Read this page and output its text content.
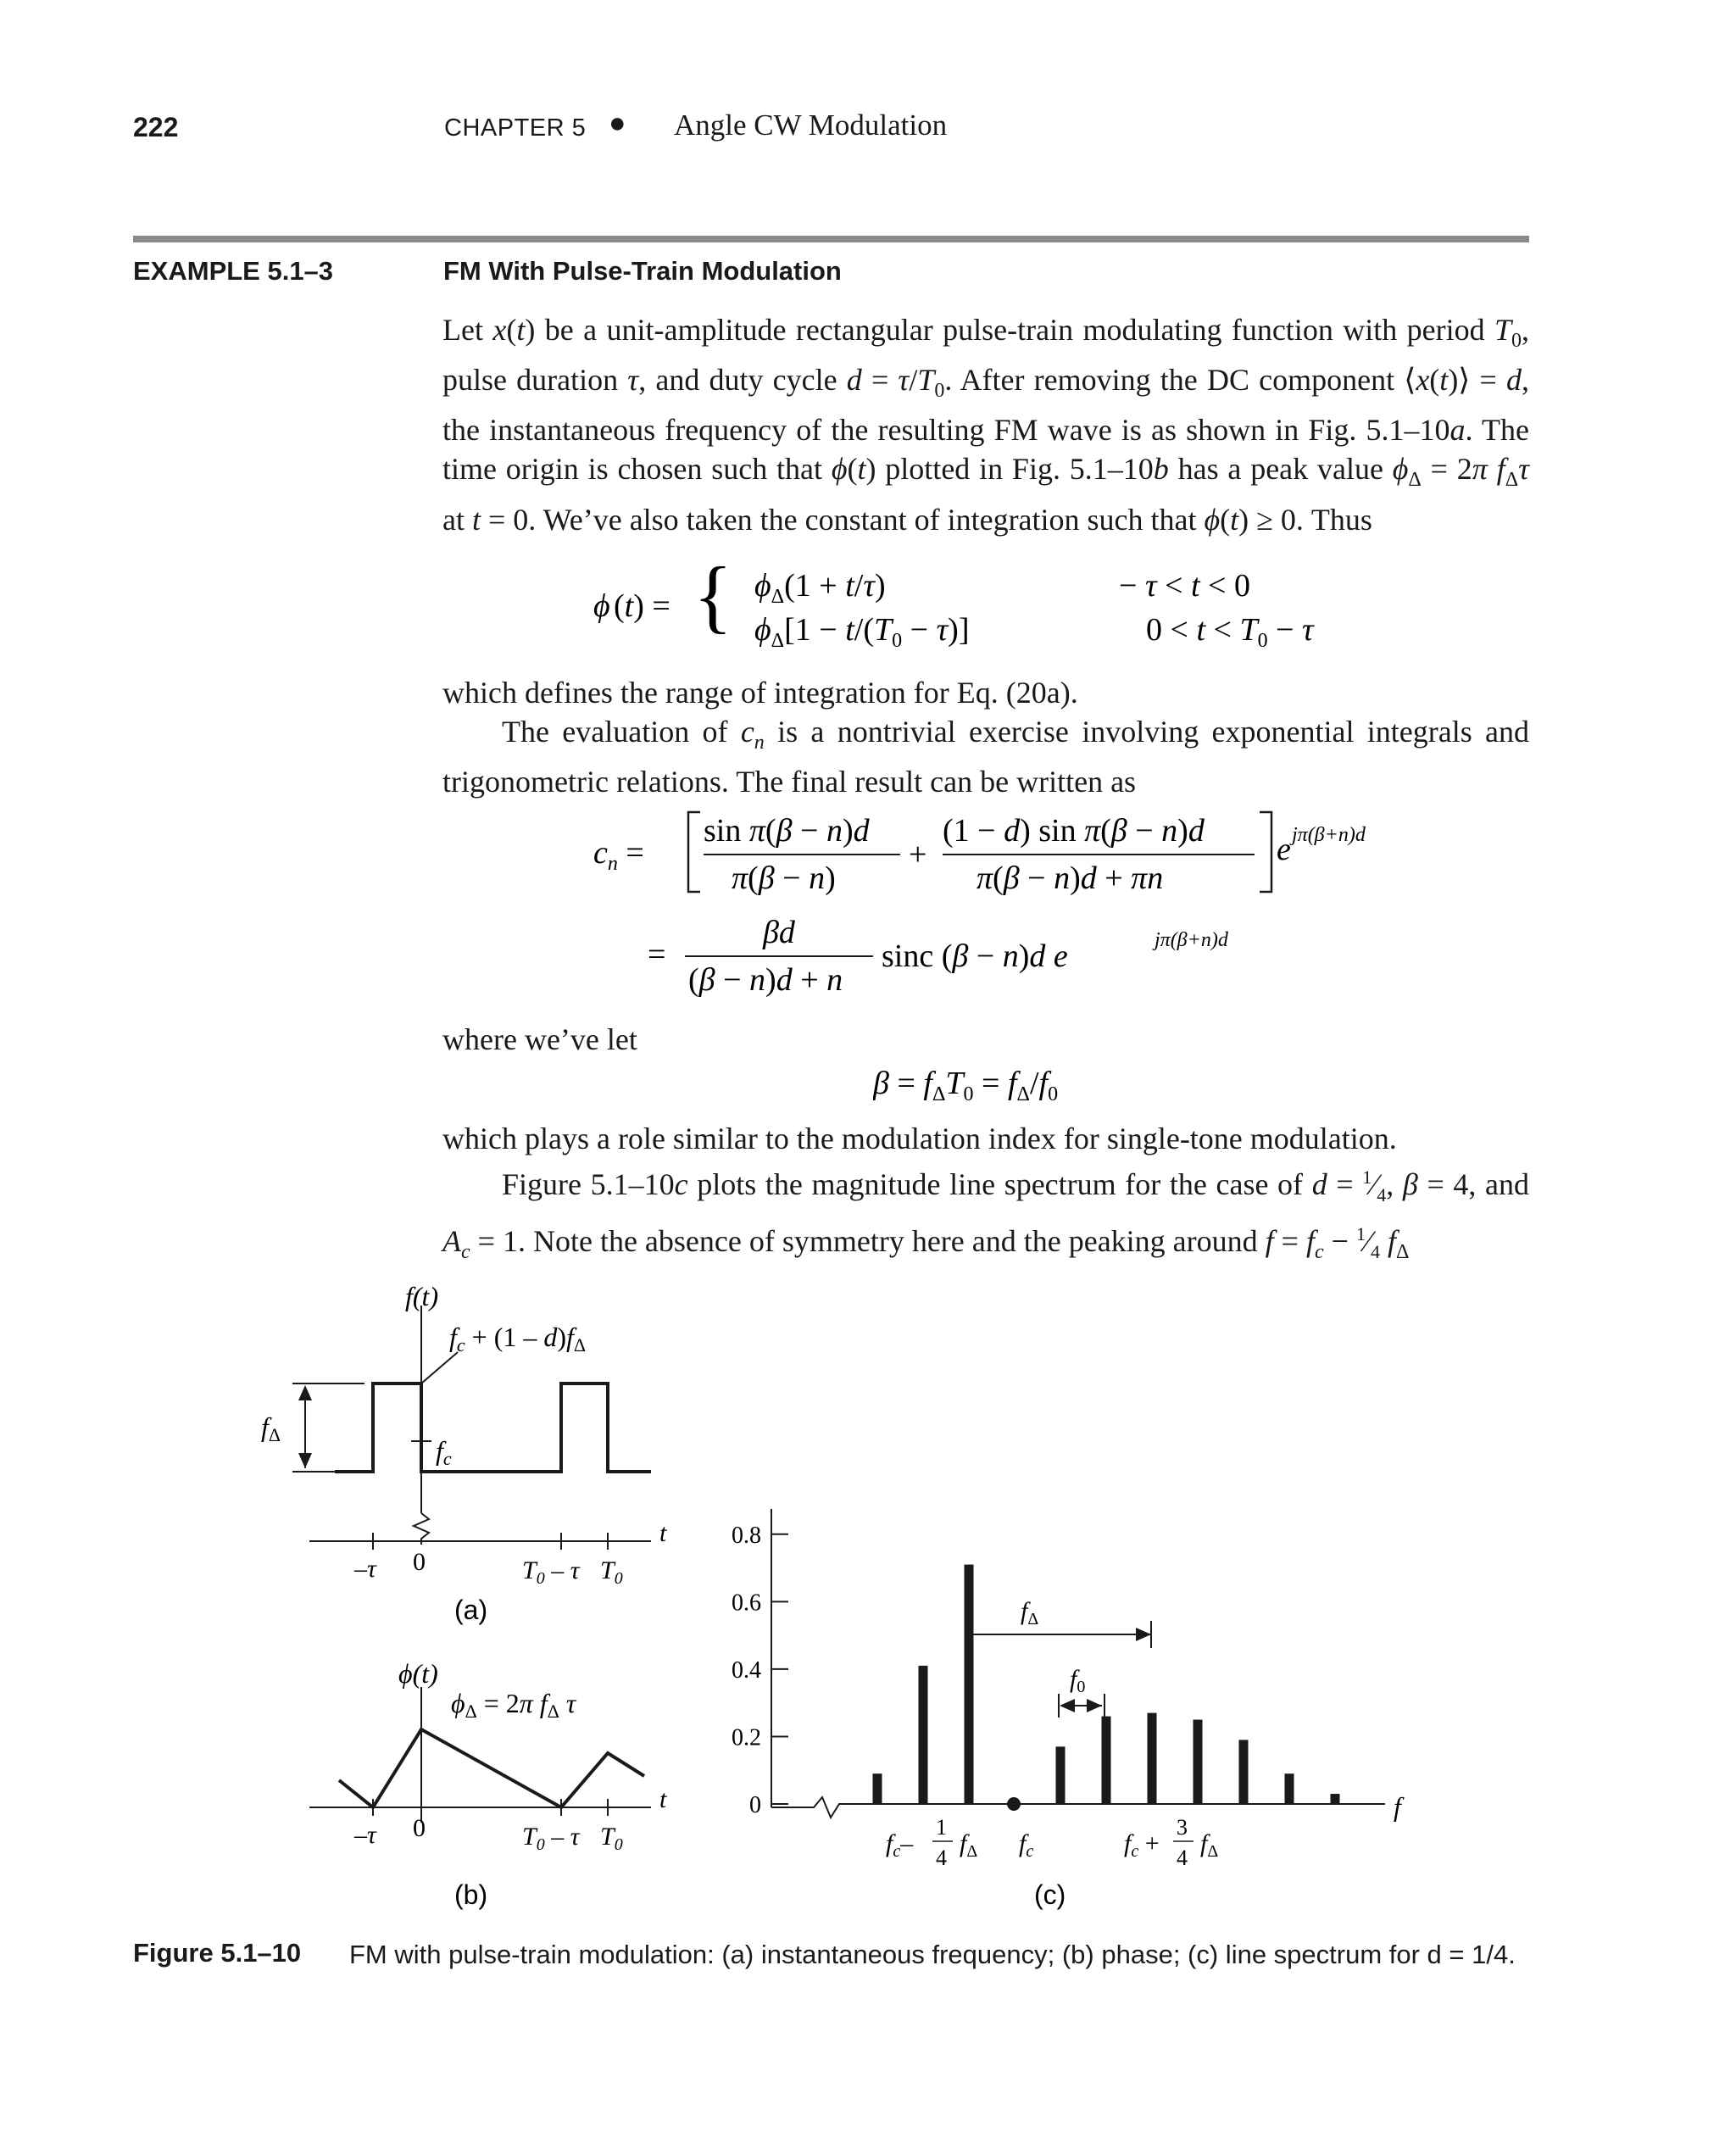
222	CHAPTER 5 ● Angle CW Modulation
EXAMPLE 5.1–3	FM With Pulse-Train Modulation
Let x(t) be a unit-amplitude rectangular pulse-train modulating function with period $T_0$, pulse duration τ, and duty cycle $d = \tau/T_0$. After removing the DC component ⟨x(t)⟩ = d, the instantaneous frequency of the resulting FM wave is as shown in Fig. 5.1–10a. The time origin is chosen such that ϕ(t) plotted in Fig. 5.1–10b has a peak value $\phi_\Delta = 2\pi$ $f_\Delta\tau$ at t = 0. We’ve also taken the constant of integration such that ϕ(t) ≥ 0. Thus
ϕ (t) = { $\phi_\Delta(1 + t/\tau)$
$\phi_\Delta[1 - t/(T_0 - \tau)]$
− τ < t < 0
$0 < t < T_0 - \tau$
which defines the range of integration for Eq. (20a).
The evaluation of $c_n$ is a nontrivial exercise involving exponential integrals and trigonometric relations. The final result can be written as
$c_n$ =
sin π(β − n)d
π(β − n)
+
(1 − d) sin π(β − n)d
π(β − n)d + πn
e jπ(β+n)d
=
βd
(β − n)d + n
sinc (β − n)d e	jπ(β+n)d
where we’ve let
$\beta = f_\Delta T_0 = f_\Delta/f_0$
which plays a role similar to the modulation index for single-tone modulation.
Figure 5.1–10c plots the magnitude line spectrum for the case of $d = ^1⁄_4$, β = 4, and $A_c = 1$. Note the absence of symmetry here and the peaking around $f = f_c$ − $^1⁄_4$ $f_\Delta$
f(t)
fc + (1 – d)fΔ
fc
fΔ
t
–τ 0	$T_0$ – τ $T_0$
(a)
ϕ(t)
ϕΔ = 2π fΔ τ
t
–τ 0	$T_0$ – τ $T_0$
(b)
0
0.2
0.4
0.6
0.8
f
$f_\Delta$
$f_0$
$f_c-$
1
4
$f_\Delta$ $f_c$	$f_c$ +
3
4
$f_\Delta$
(c)
Figure 5.1–10 FM with pulse-train modulation: (a) instantaneous frequency; (b) phase; (c) line spectrum for d = 1/4.
